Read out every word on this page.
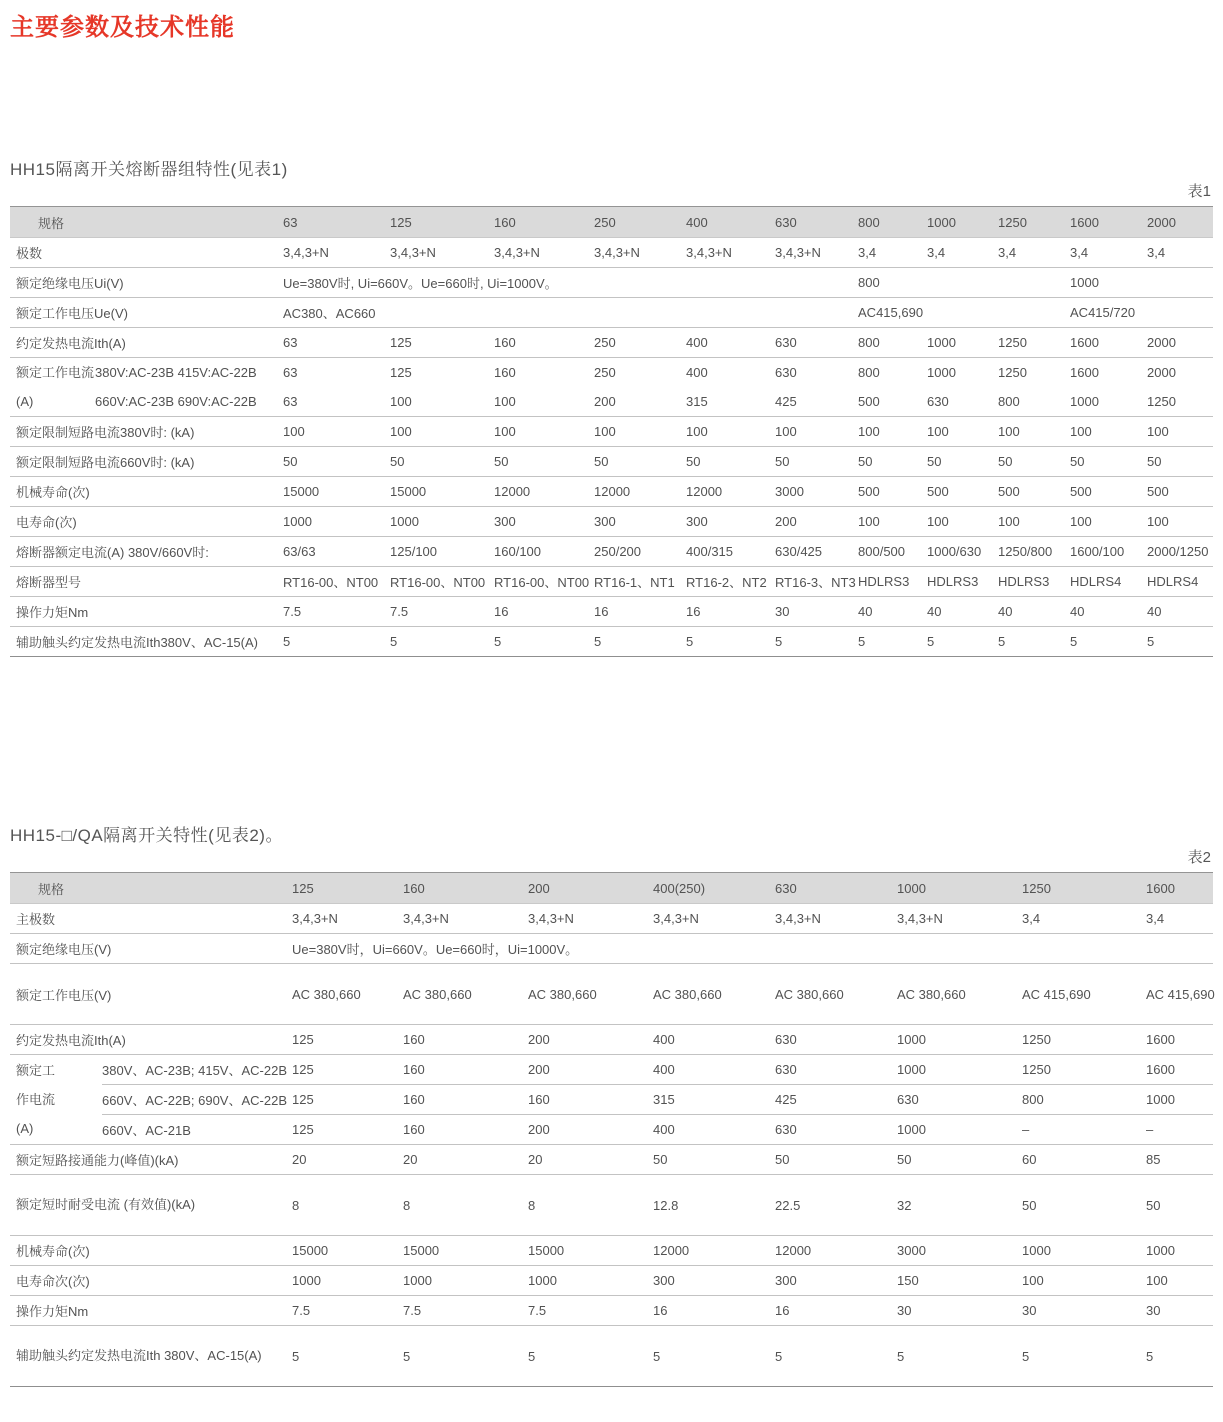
主要参数及技术性能

HH15隔离开关熔断器组特性(见表1)

表1
规格		63	125	160	250	400	630	800	1000	1250	1600	2000
极数		3,4,3+N	3,4,3+N	3,4,3+N	3,4,3+N	3,4,3+N	3,4,3+N	3,4	3,4	3,4	3,4	3,4
额定绝缘电压Ui(V)		Ue=380V时, Ui=660V。Ue=660时, Ui=1000V。						800			1000	
额定工作电压Ue(V)		AC380、AC660						AC415,690			AC415/720	
约定发热电流Ith(A)		63	125	160	250	400	630	800	1000	1250	1600	2000

额定工作电流
(A)	380V:AC-23B 415V:AC-22B	63	125	160	250	400	630	800	1000	1250	1600	2000
	660V:AC-23B 690V:AC-22B	63	100	100	200	315	425	500	630	800	1000	1250
额定限制短路电流380V时: (kA)		100	100	100	100	100	100	100	100	100	100	100
额定限制短路电流660V时: (kA)		50	50	50	50	50	50	50	50	50	50	50
机械寿命(次)		15000	15000	12000	12000	12000	3000	500	500	500	500	500
电寿命(次)		1000	1000	300	300	300	200	100	100	100	100	100
熔断器额定电流(A) 380V/660V时:		63/63	125/100	160/100	250/200	400/315	630/425	800/500	1000/630	1250/800	1600/100	2000/1250
熔断器型号		RT16-00、NT00	RT16-00、NT00	RT16-00、NT00	RT16-1、NT1	RT16-2、NT2	RT16-3、NT3	HDLRS3	HDLRS3	HDLRS3	HDLRS4	HDLRS4
操作力矩Nm		7.5	7.5	16	16	16	30	40	40	40	40	40
辅助触头约定发热电流Ith380V、AC-15(A)		5	5	5	5	5	5	5	5	5	5	5

HH15-□/QA隔离开关特性(见表2)。

表2
规格		125	160	200	400(250)	630	1000	1250	1600
主极数		3,4,3+N	3,4,3+N	3,4,3+N	3,4,3+N	3,4,3+N	3,4,3+N	3,4	3,4
额定绝缘电压(V)		Ue=380V时，Ui=660V。Ue=660时，Ui=1000V。							
额定工作电压(V)		AC 380,660	AC 380,660	AC 380,660	AC 380,660	AC 380,660	AC 380,660	AC 415,690	AC 415,690
约定发热电流Ith(A)		125	160	200	400	630	1000	1250	1600

额定工
作电流
(A)	380V、AC-23B; 415V、AC-22B	125	160	200	400	630	1000	1250	1600
	660V、AC-22B; 690V、AC-22B	125	160	160	315	425	630	800	1000
	660V、AC-21B	125	160	200	400	630	1000	–	–
额定短路接通能力(峰值)(kA)		20	20	20	50	50	50	60	85
额定短时耐受电流 (有效值)(kA)		8	8	8	12.8	22.5	32	50	50
机械寿命(次)		15000	15000	15000	12000	12000	3000	1000	1000
电寿命次(次)		1000	1000	1000	300	300	150	100	100
操作力矩Nm		7.5	7.5	7.5	16	16	30	30	30
辅助触头约定发热电流Ith 380V、AC-15(A)		5	5	5	5	5	5	5	5
